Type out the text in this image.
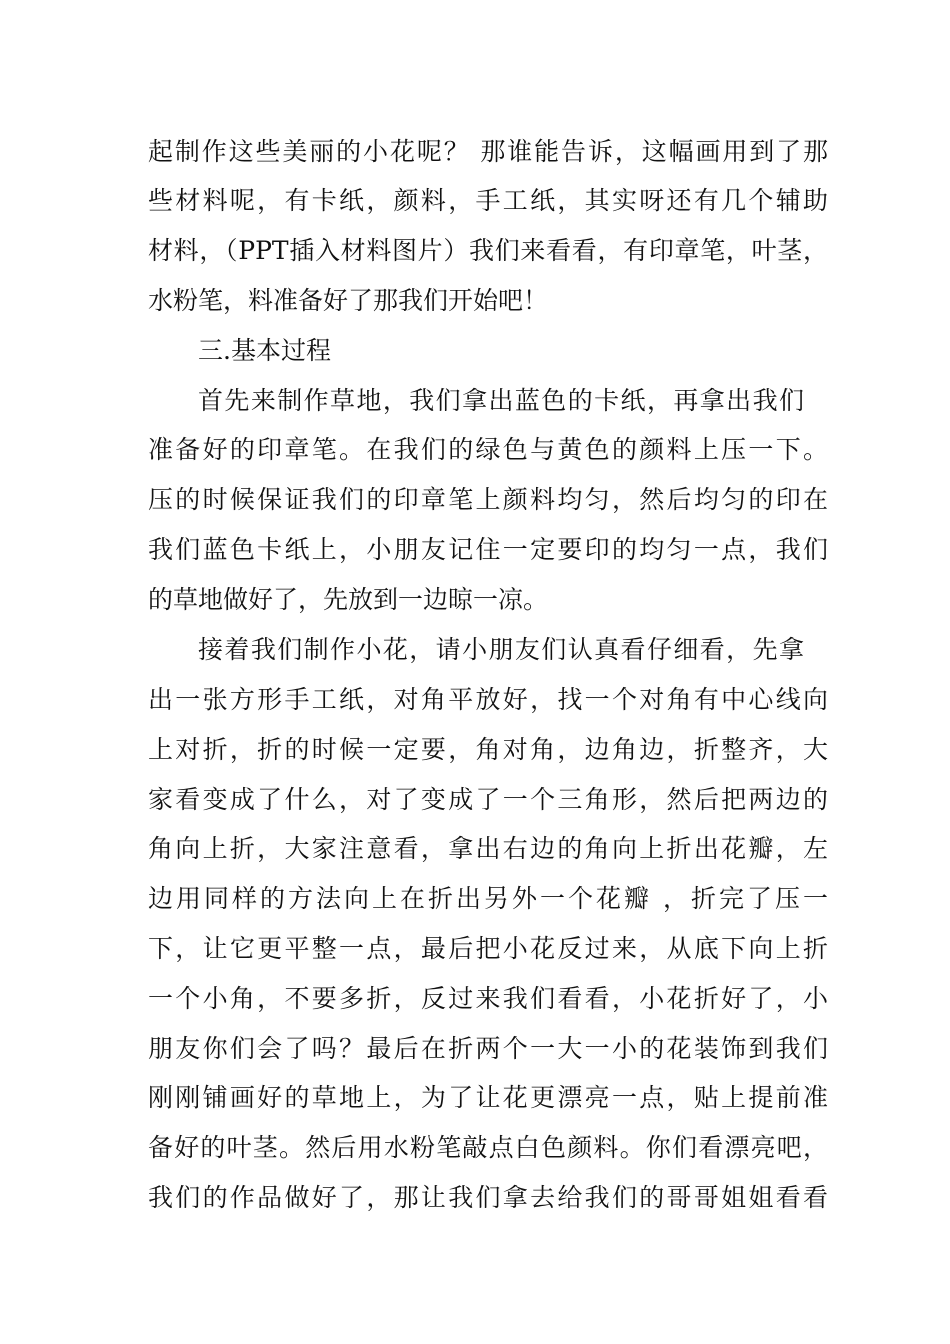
起制作这些美丽的小花呢？ 那谁能告诉，这幅画用到了那
些材料呢，有卡纸，颜料，手工纸，其实呀还有几个辅助
材料，（PPT插入材料图片）我们来看看，有印章笔，叶茎，
水粉笔，料准备好了那我们开始吧！
三.基本过程
首先来制作草地，我们拿出蓝色的卡纸，再拿出我们
准备好的印章笔。在我们的绿色与黄色的颜料上压一下。
压的时候保证我们的印章笔上颜料均匀，然后均匀的印在
我们蓝色卡纸上，小朋友记住一定要印的均匀一点，我们
的草地做好了，先放到一边晾一凉。
接着我们制作小花，请小朋友们认真看仔细看，先拿
出一张方形手工纸，对角平放好，找一个对角有中心线向
上对折，折的时候一定要，角对角，边角边，折整齐，大
家看变成了什么，对了变成了一个三角形，然后把两边的
角向上折，大家注意看，拿出右边的角向上折出花瓣，左
边用同样的方法向上在折出另外一个花瓣 ，折完了压一
下，让它更平整一点，最后把小花反过来，从底下向上折
一个小角，不要多折，反过来我们看看，小花折好了，小
朋友你们会了吗？最后在折两个一大一小的花装饰到我们
刚刚铺画好的草地上，为了让花更漂亮一点，贴上提前准
备好的叶茎。然后用水粉笔敲点白色颜料。你们看漂亮吧，
我们的作品做好了，那让我们拿去给我们的哥哥姐姐看看
